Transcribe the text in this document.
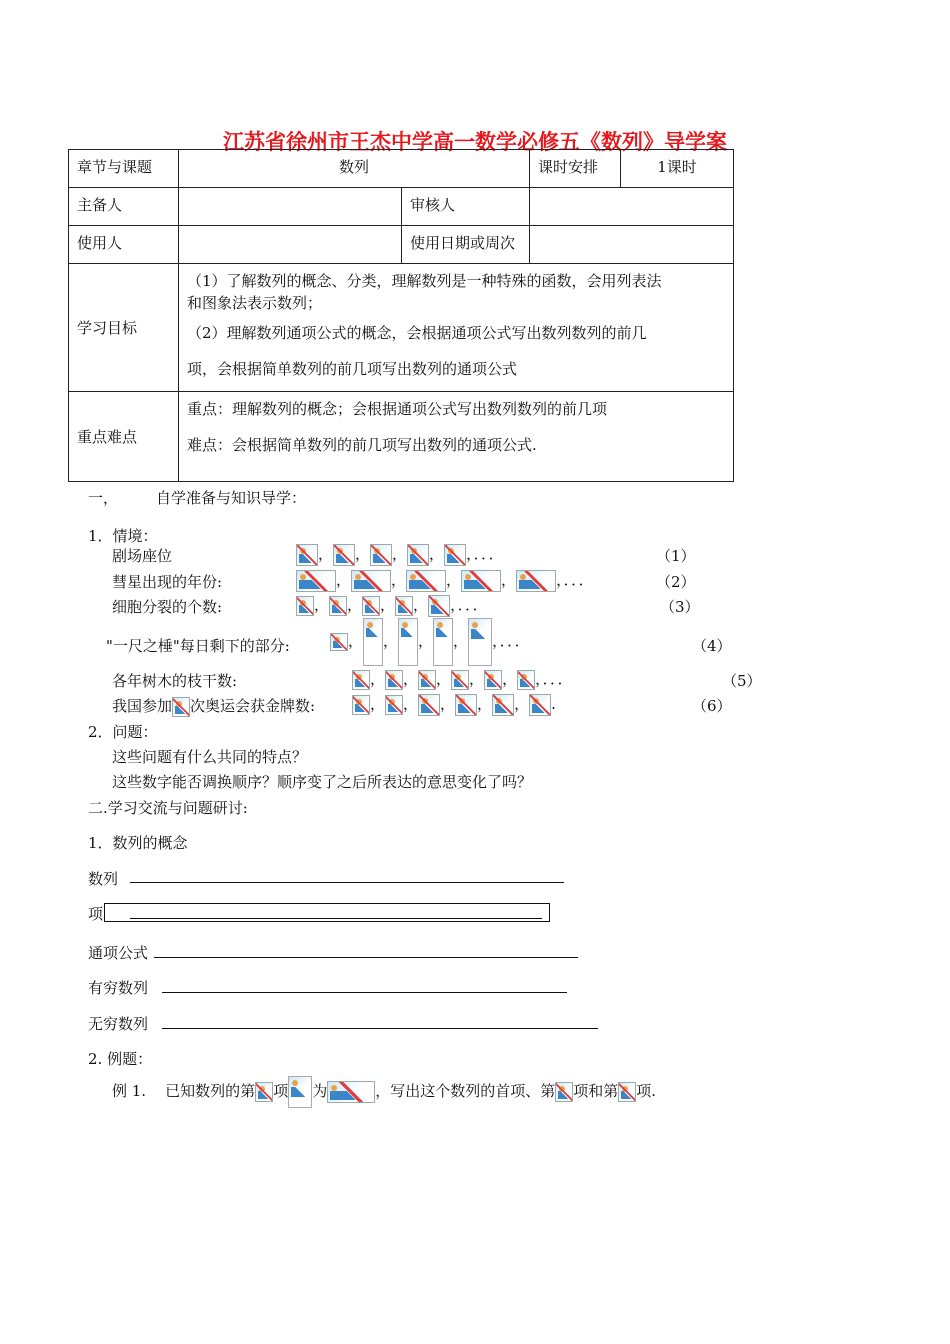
江苏省徐州市王杰中学高一数学必修五《数列》导学案
章节与课题	数列		课时安排	1课时
主备人		审核人		
使用人		使用日期或周次		
学习目标	（1）了解数列的概念、分类，理解数列是一种特殊的函数，会用列表法

和图象法表示数列；

（2）理解数列通项公式的概念，会根据通项公式写出数列数列的前几

项，会根据简单数列的前几项写出数列的通项公式			

重点难点	重点：理解数列的概念；会根据通项公式写出数列数列的前几项

难点：会根据简单数列的前几项写出数列的通项公式.			

一，	自学准备与知识导学：
1．情境：
剧场座位	， ， ， ， ，．．．	（1）
彗星出现的年份:	，	，	，	，	，．．．	（2）
细胞分裂的个数:	， ， ， ， ，．．．	（3）
"一尺之棰"每日剩下的部分:	， ， ， ， ，．．．	（4）
各年树木的枝干数:	， ， ， ， ， ，．．．	（5）
我国参加 次奥运会获金牌数:	， ， ， ， ， .	（6）
2．问题：
这些问题有什么共同的特点？
这些数字能否调换顺序？顺序变了之后所表达的意思变化了吗？
二.学习交流与问题研讨:
1．数列的概念
数列
项
通项公式
有穷数列
无穷数列
2. 例题：
例 1. 已知数列的第 项 为	，写出这个数列的首项、第 项和第 项.
